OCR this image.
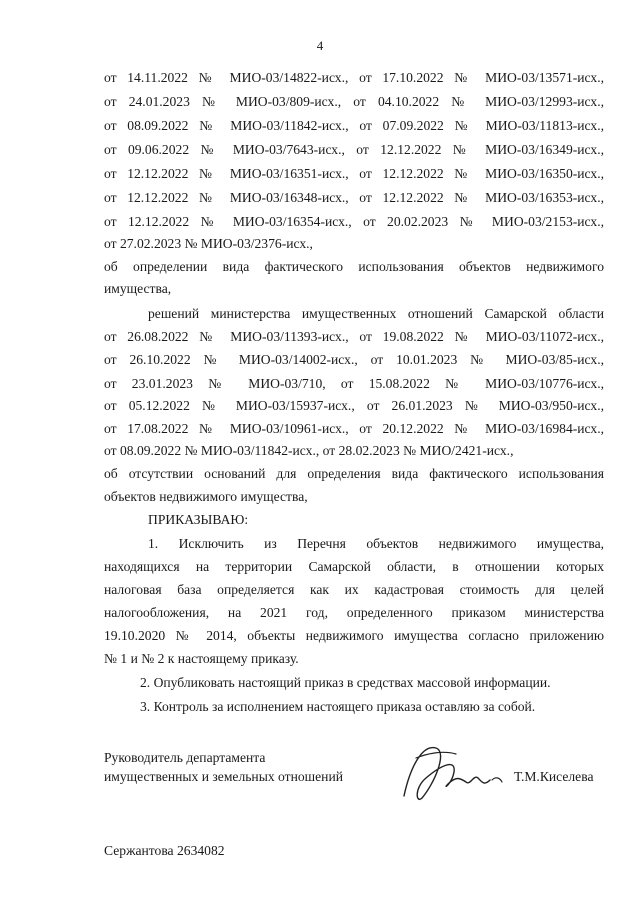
4
от 14.11.2022 № МИО-03/14822-исх., от 17.10.2022 № МИО-03/13571-исх.,
от 24.01.2023 № МИО-03/809-исх., от 04.10.2022 № МИО-03/12993-исх.,
от 08.09.2022 № МИО-03/11842-исх., от 07.09.2022 № МИО-03/11813-исх.,
от 09.06.2022 № МИО-03/7643-исх., от 12.12.2022 № МИО-03/16349-исх.,
от 12.12.2022 № МИО-03/16351-исх., от 12.12.2022 № МИО-03/16350-исх.,
от 12.12.2022 № МИО-03/16348-исх., от 12.12.2022 № МИО-03/16353-исх.,
от 12.12.2022 № МИО-03/16354-исх., от 20.02.2023 № МИО-03/2153-исх.,
от 27.02.2023 № МИО-03/2376-исх.,
об определении вида фактического использования объектов недвижимого
имущества,
решений министерства имущественных отношений Самарской области
от 26.08.2022 № МИО-03/11393-исх., от 19.08.2022 № МИО-03/11072-исх.,
от 26.10.2022 № МИО-03/14002-исх., от 10.01.2023 № МИО-03/85-исх.,
от 23.01.2023 № МИО-03/710, от 15.08.2022 № МИО-03/10776-исх.,
от 05.12.2022 № МИО-03/15937-исх., от 26.01.2023 № МИО-03/950-исх.,
от 17.08.2022 № МИО-03/10961-исх., от 20.12.2022 № МИО-03/16984-исх.,
от 08.09.2022 № МИО-03/11842-исх., от 28.02.2023 № МИО/2421-исх.,
об отсутствии оснований для определения вида фактического использования
объектов недвижимого имущества,
ПРИКАЗЫВАЮ:
1. Исключить из Перечня объектов недвижимого имущества,
находящихся на территории Самарской области, в отношении которых
налоговая база определяется как их кадастровая стоимость для целей
налогообложения, на 2021 год, определенного приказом министерства
19.10.2020 № 2014, объекты недвижимого имущества согласно приложению
№ 1 и № 2 к настоящему приказу.
2. Опубликовать настоящий приказ в средствах массовой информации.
3. Контроль за исполнением настоящего приказа оставляю за собой.
Руководитель департамента
имущественных и земельных отношений	Т.М.Киселева
Сержантова 2634082
